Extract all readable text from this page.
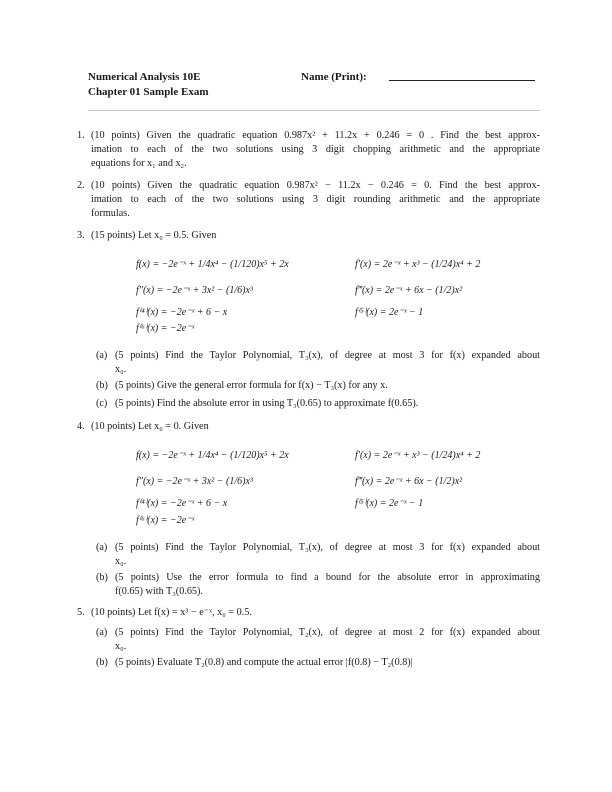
Numerical Analysis 10E
Chapter 01 Sample Exam
Name (Print):
1. (10 points) Given the quadratic equation 0.987x² + 11.2x + 0.246 = 0 . Find the best approx-
imation to each of the two solutions using 3 digit chopping arithmetic and the appropriate
equations for x₁ and x₂.
2. (10 points) Given the quadratic equation 0.987x² − 11.2x − 0.246 = 0. Find the best approx-
imation to each of the two solutions using 3 digit rounding arithmetic and the appropriate
formulas.
3. (15 points) Let x₀ = 0.5. Given
f(x) = −2e⁻ˣ + 1/4x⁴ − (1/120)x⁵ + 2x	f′(x) = 2e⁻ˣ + x³ − (1/24)x⁴ + 2
f″(x) = −2e⁻ˣ + 3x² − (1/6)x³	f‴(x) = 2e⁻ˣ + 6x − (1/2)x²
f⁽⁴⁾(x) = −2e⁻ˣ + 6 − x	f⁽⁵⁾(x) = 2e⁻ˣ − 1
f⁽⁶⁾(x) = −2e⁻ˣ
(a) (5 points) Find the Taylor Polynomial, T₃(x), of degree at most 3 for f(x) expanded about
x₀.
(b) (5 points) Give the general error formula for f(x) − T₃(x) for any x.
(c) (5 points) Find the absolute error in using T₃(0.65) to approximate f(0.65).
4. (10 points) Let x₀ = 0. Given
f(x) = −2e⁻ˣ + 1/4x⁴ − (1/120)x⁵ + 2x	f′(x) = 2e⁻ˣ + x³ − (1/24)x⁴ + 2
f″(x) = −2e⁻ˣ + 3x² − (1/6)x³	f‴(x) = 2e⁻ˣ + 6x − (1/2)x²
f⁽⁴⁾(x) = −2e⁻ˣ + 6 − x	f⁽⁵⁾(x) = 2e⁻ˣ − 1
f⁽⁶⁾(x) = −2e⁻ˣ
(a) (5 points) Find the Taylor Polynomial, T₃(x), of degree at most 3 for f(x) expanded about
x₀.
(b) (5 points) Use the error formula to find a bound for the absolute error in approximating
f(0.65) with T₃(0.65).
5. (10 points) Let f(x) = x³ − e⁻ˣ, x₀ = 0.5.
(a) (5 points) Find the Taylor Polynomial, T₂(x), of degree at most 2 for f(x) expanded about
x₀.
(b) (5 points) Evaluate T₂(0.8) and compute the actual error |f(0.8) − T₂(0.8)|
